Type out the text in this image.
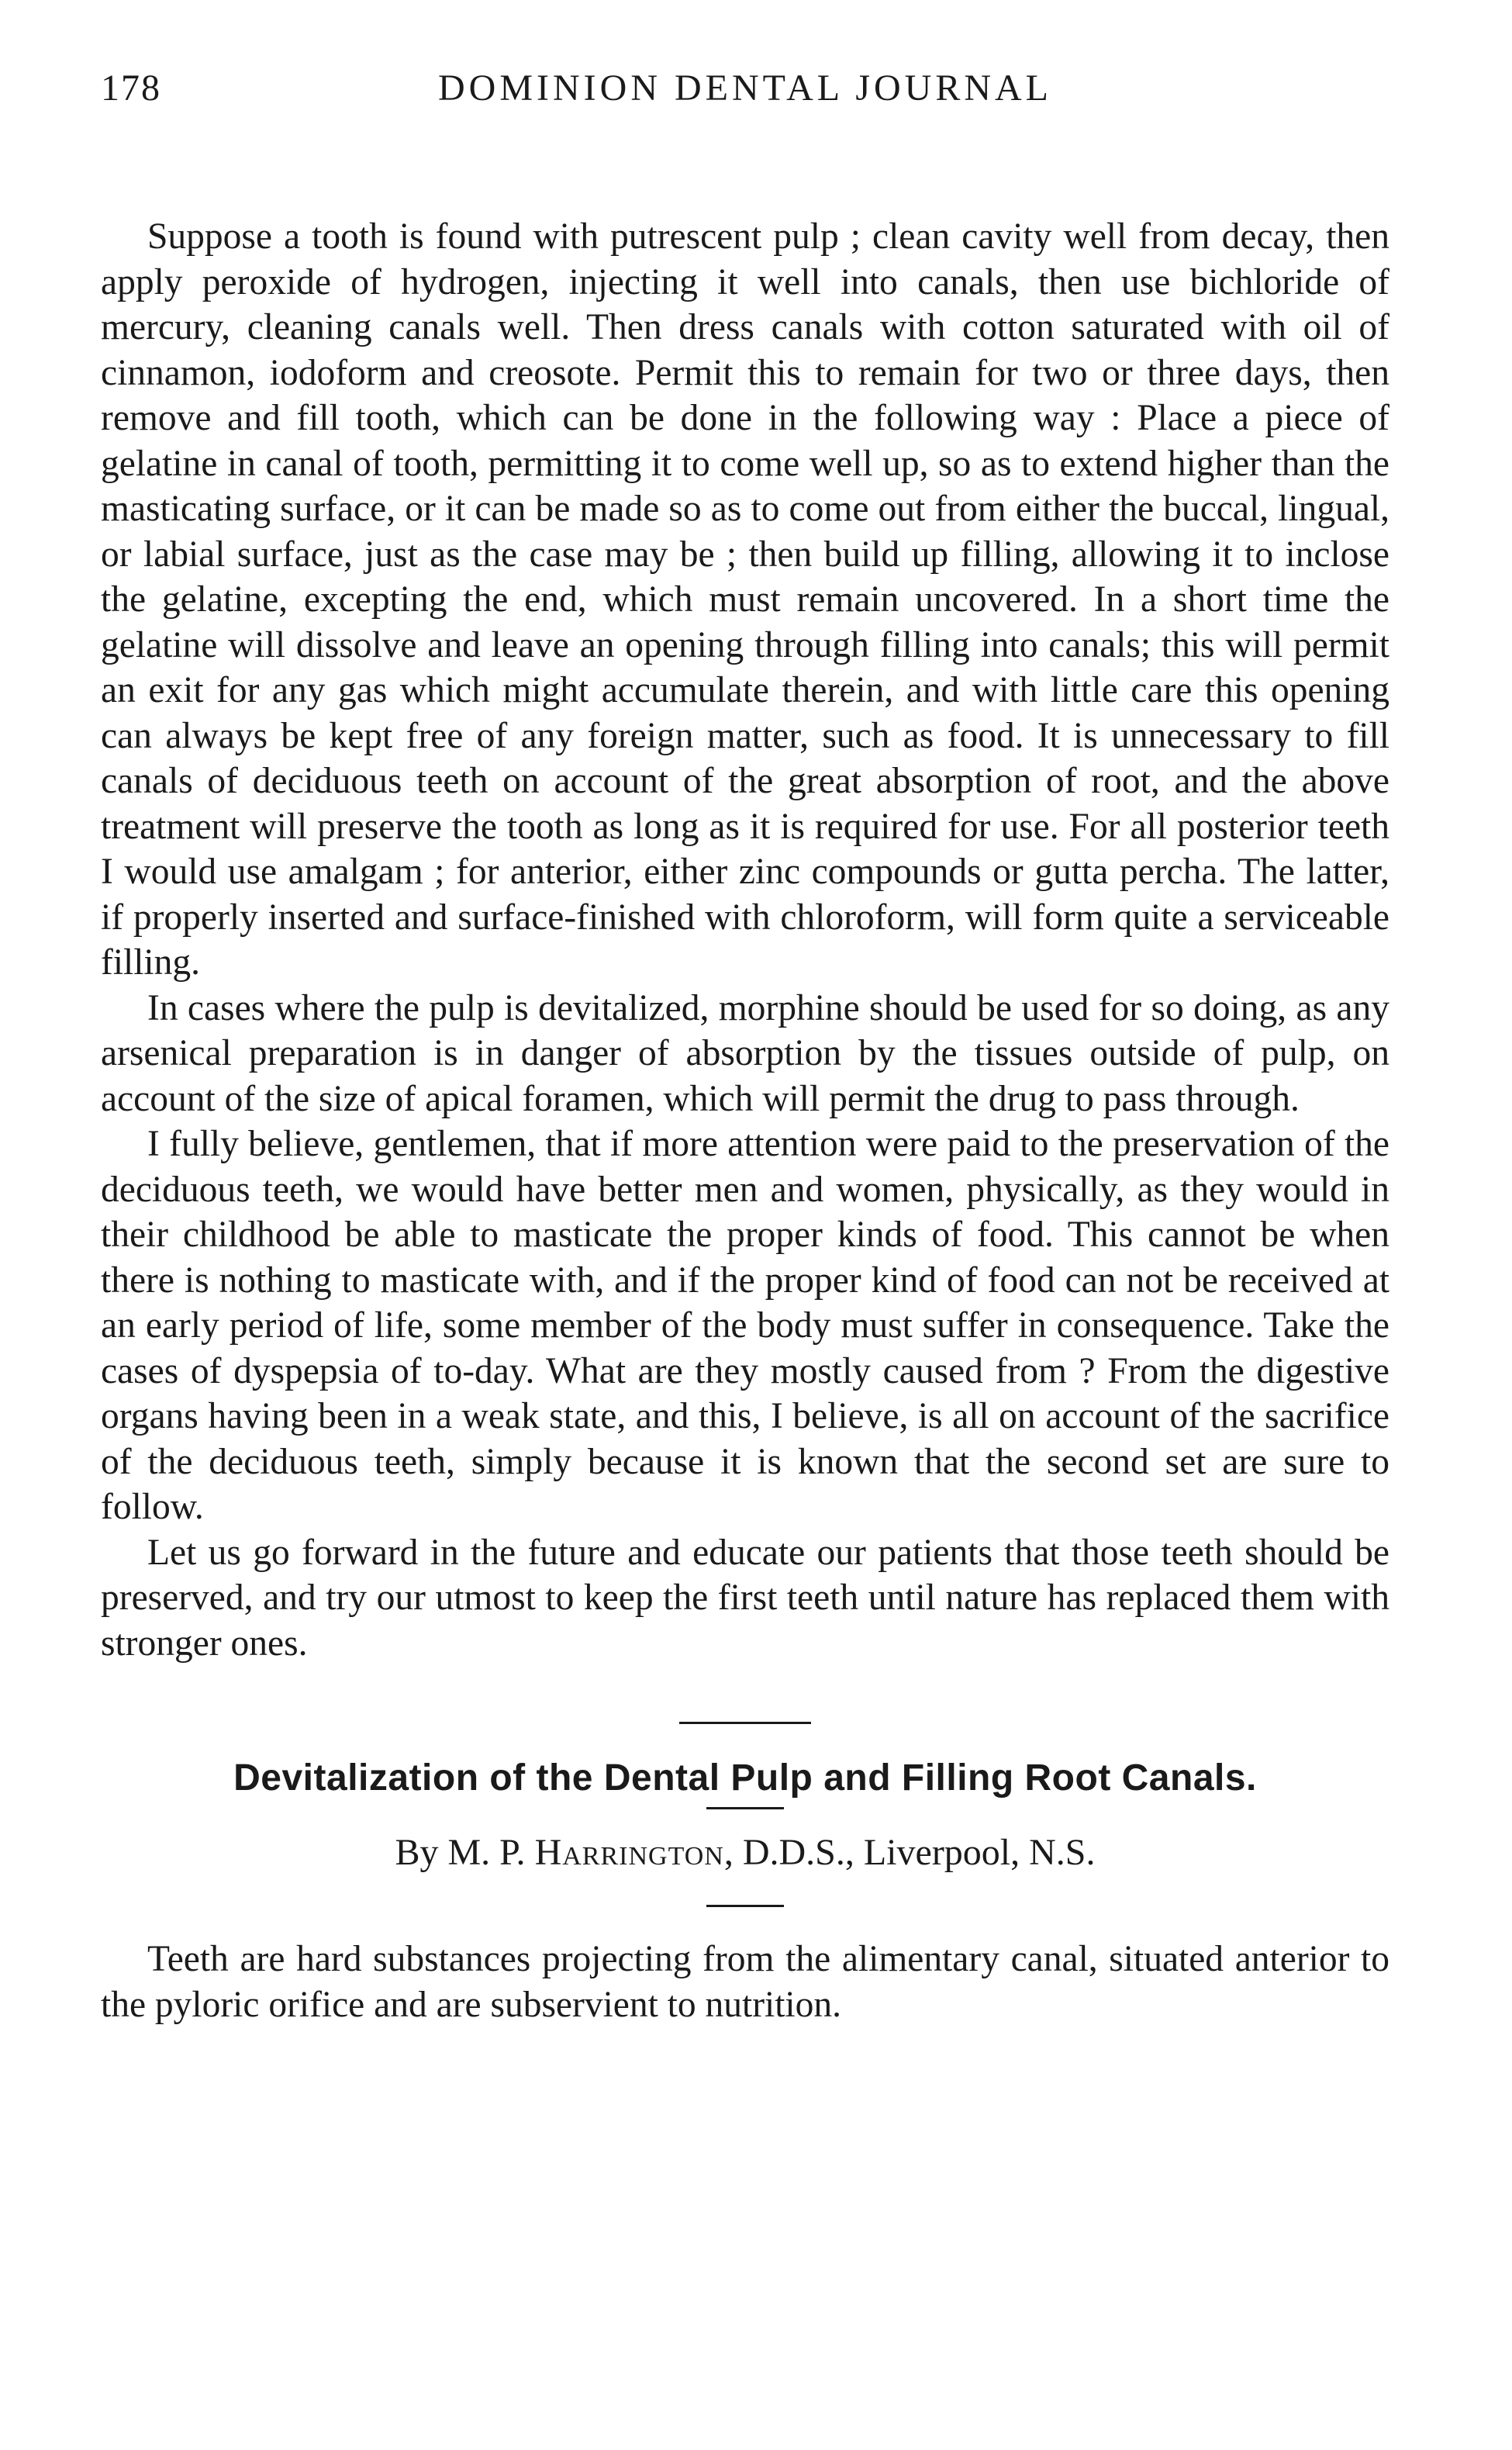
178	DOMINION DENTAL JOURNAL

Suppose a tooth is found with putrescent pulp ; clean cavity well from decay, then apply peroxide of hydrogen, injecting it well into canals, then use bichloride of mercury, cleaning canals well. Then dress canals with cotton saturated with oil of cinnamon, iodoform and creosote. Permit this to remain for two or three days, then remove and fill tooth, which can be done in the following way : Place a piece of gelatine in canal of tooth, permitting it to come well up, so as to extend higher than the masticating surface, or it can be made so as to come out from either the buccal, lingual, or labial surface, just as the case may be ; then build up filling, allowing it to inclose the gelatine, excepting the end, which must remain uncovered. In a short time the gelatine will dissolve and leave an opening through filling into canals; this will permit an exit for any gas which might accumulate therein, and with little care this opening can always be kept free of any foreign matter, such as food. It is unnecessary to fill canals of deciduous teeth on account of the great absorption of root, and the above treatment will preserve the tooth as long as it is required for use. For all posterior teeth I would use amalgam ; for anterior, either zinc compounds or gutta percha. The latter, if properly inserted and surface-finished with chloroform, will form quite a serviceable filling.

In cases where the pulp is devitalized, morphine should be used for so doing, as any arsenical preparation is in danger of absorption by the tissues outside of pulp, on account of the size of apical foramen, which will permit the drug to pass through.

I fully believe, gentlemen, that if more attention were paid to the preservation of the deciduous teeth, we would have better men and women, physically, as they would in their childhood be able to masticate the proper kinds of food. This cannot be when there is nothing to masticate with, and if the proper kind of food can not be received at an early period of life, some member of the body must suffer in consequence. Take the cases of dyspepsia of to-day. What are they mostly caused from ? From the digestive organs having been in a weak state, and this, I believe, is all on account of the sacrifice of the deciduous teeth, simply because it is known that the second set are sure to follow.

Let us go forward in the future and educate our patients that those teeth should be preserved, and try our utmost to keep the first teeth until nature has replaced them with stronger ones.

Devitalization of the Dental Pulp and Filling Root Canals.
By M. P. Harrington, D.D.S., Liverpool, N.S.

Teeth are hard substances projecting from the alimentary canal, situated anterior to the pyloric orifice and are subservient to nutrition.
